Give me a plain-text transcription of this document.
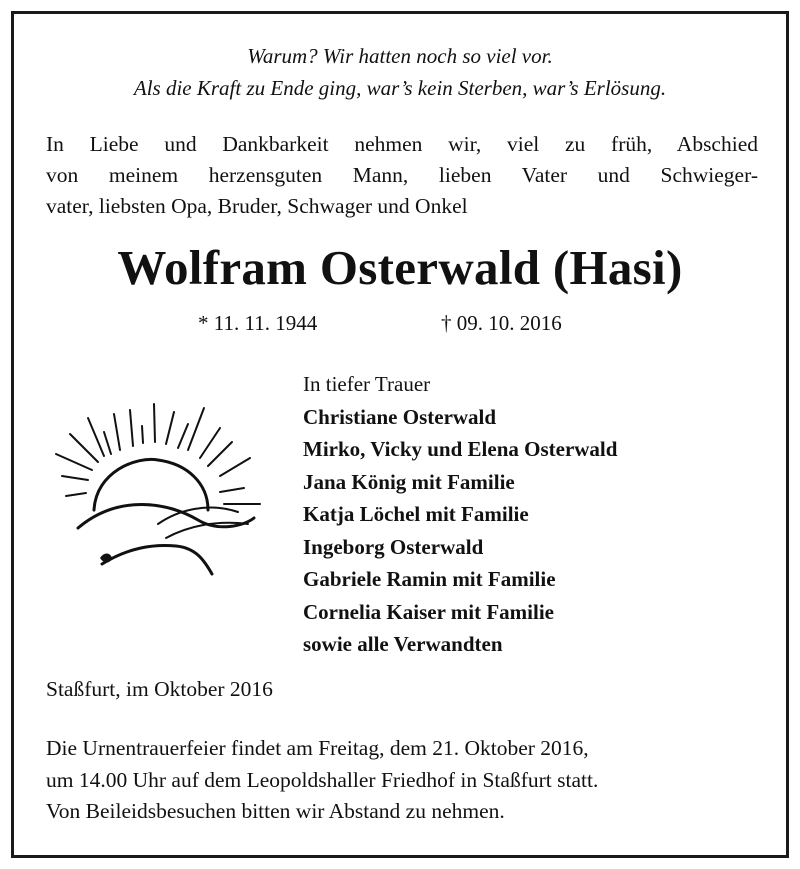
Warum? Wir hatten noch so viel vor.
Als die Kraft zu Ende ging, war’s kein Sterben, war’s Erlösung.
In Liebe und Dankbarkeit nehmen wir, viel zu früh, Abschied
von meinem herzensguten Mann, lieben Vater und Schwieger-
vater, liebsten Opa, Bruder, Schwager und Onkel
Wolfram Osterwald (Hasi)
* 11. 11. 1944	† 09. 10. 2016
In tiefer Trauer
Christiane Osterwald
Mirko, Vicky und Elena Osterwald
Jana König mit Familie
Katja Löchel mit Familie
Ingeborg Osterwald
Gabriele Ramin mit Familie
Cornelia Kaiser mit Familie
sowie alle Verwandten
Staßfurt, im Oktober 2016
Die Urnentrauerfeier findet am Freitag, dem 21. Oktober 2016,
um 14.00 Uhr auf dem Leopoldshaller Friedhof in Staßfurt statt.
Von Beileidsbesuchen bitten wir Abstand zu nehmen.
